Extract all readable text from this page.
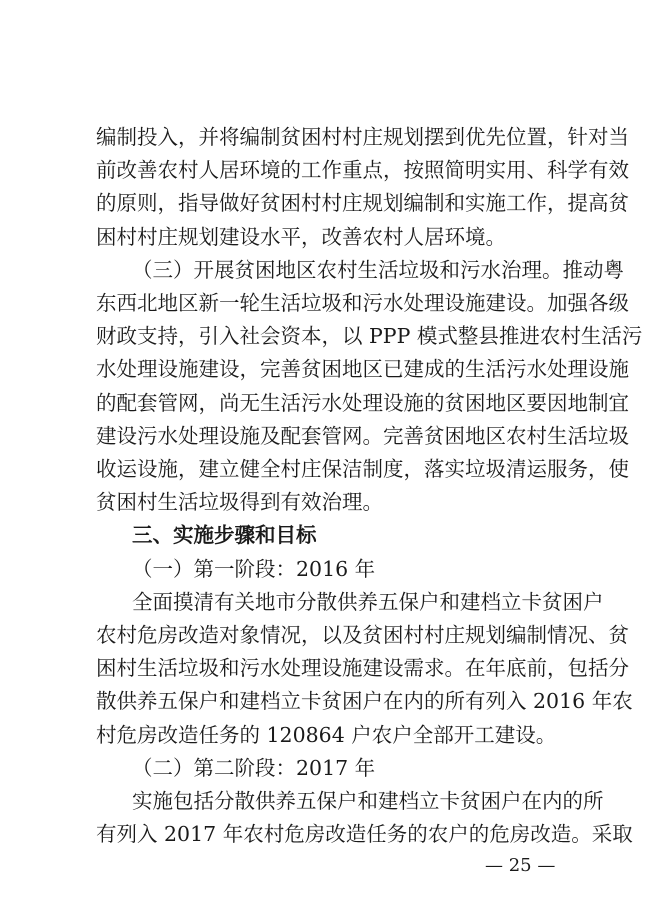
编制投入，并将编制贫困村村庄规划摆到优先位置，针对当
前改善农村人居环境的工作重点，按照简明实用、科学有效
的原则，指导做好贫困村村庄规划编制和实施工作，提高贫
困村村庄规划建设水平，改善农村人居环境。
（三）开展贫困地区农村生活垃圾和污水治理。推动粤
东西北地区新一轮生活垃圾和污水处理设施建设。加强各级
财政支持，引入社会资本，以 PPP 模式整县推进农村生活污
水处理设施建设，完善贫困地区已建成的生活污水处理设施
的配套管网，尚无生活污水处理设施的贫困地区要因地制宜
建设污水处理设施及配套管网。完善贫困地区农村生活垃圾
收运设施，建立健全村庄保洁制度，落实垃圾清运服务，使
贫困村生活垃圾得到有效治理。
三、实施步骤和目标
（一）第一阶段：2016 年
全面摸清有关地市分散供养五保户和建档立卡贫困户
农村危房改造对象情况，以及贫困村村庄规划编制情况、贫
困村生活垃圾和污水处理设施建设需求。在年底前，包括分
散供养五保户和建档立卡贫困户在内的所有列入 2016 年农
村危房改造任务的 120864 户农户全部开工建设。
（二）第二阶段：2017 年
实施包括分散供养五保户和建档立卡贫困户在内的所
有列入 2017 年农村危房改造任务的农户的危房改造。采取
— 25 —
